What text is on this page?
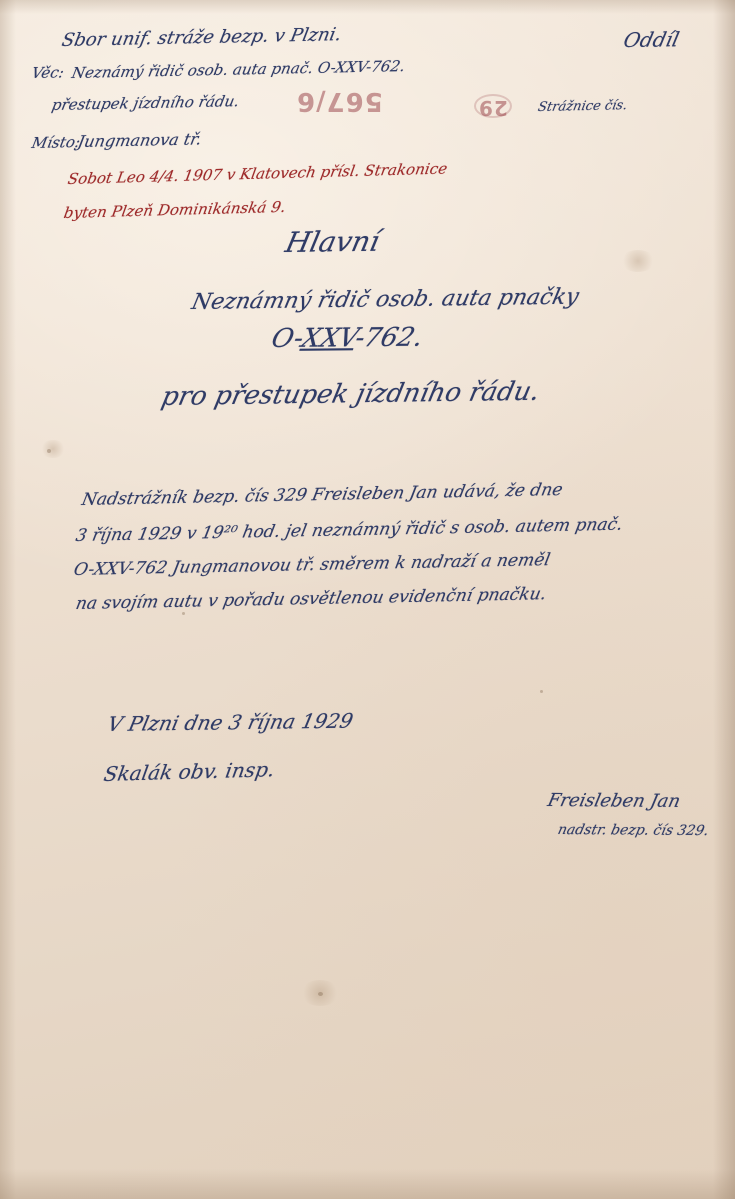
567/6	29
Sbor unif. stráže bezp. v Plzni.	Oddíl
Věc: Neznámý řidič osob. auta pnač. O-XXV-762.
přestupek jízdního řádu.	Strážnice čís.
Místo:
Jungmanova tř.
Sobot Leo 4/4. 1907 v Klatovech přísl. Strakonice
byten Plzeň Dominikánská 9.
Hlavní
Neznámný řidič osob. auta pnačky
O-XXV-762.
pro přestupek jízdního řádu.
Nadstrážník bezp. čís 329 Freisleben Jan udává, že dne
3 října 1929 v 19²⁰ hod. jel neznámný řidič s osob. autem pnač.
O-XXV-762 Jungmanovou tř. směrem k nadraží a neměl
na svojím autu v pořadu osvětlenou evidenční pnačku.
V Plzni dne 3 října 1929
Skalák obv. insp.
Freisleben Jan
nadstr. bezp. čís 329.
